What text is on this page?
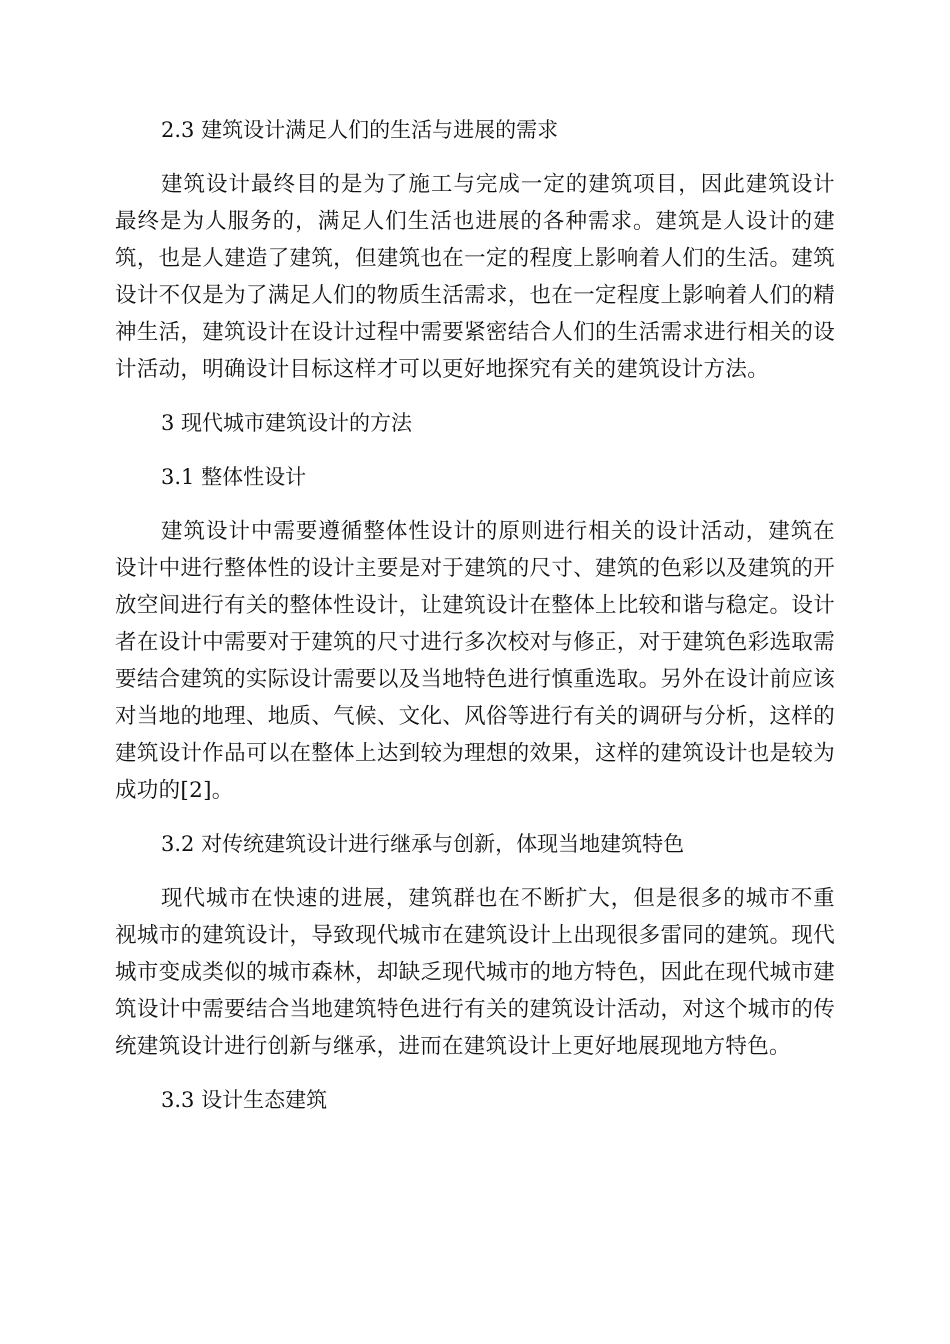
2.3 建筑设计满足人们的生活与进展的需求

建筑设计最终目的是为了施工与完成一定的建筑项目，因此建筑设计最终是为人服务的，满足人们生活也进展的各种需求。建筑是人设计的建筑，也是人建造了建筑，但建筑也在一定的程度上影响着人们的生活。建筑设计不仅是为了满足人们的物质生活需求，也在一定程度上影响着人们的精神生活，建筑设计在设计过程中需要紧密结合人们的生活需求进行相关的设计活动，明确设计目标这样才可以更好地探究有关的建筑设计方法。

3 现代城市建筑设计的方法

3.1 整体性设计

建筑设计中需要遵循整体性设计的原则进行相关的设计活动，建筑在设计中进行整体性的设计主要是对于建筑的尺寸、建筑的色彩以及建筑的开放空间进行有关的整体性设计，让建筑设计在整体上比较和谐与稳定。设计者在设计中需要对于建筑的尺寸进行多次校对与修正，对于建筑色彩选取需要结合建筑的实际设计需要以及当地特色进行慎重选取。另外在设计前应该对当地的地理、地质、气候、文化、风俗等进行有关的调研与分析，这样的建筑设计作品可以在整体上达到较为理想的效果，这样的建筑设计也是较为成功的[2]。

3.2 对传统建筑设计进行继承与创新，体现当地建筑特色

现代城市在快速的进展，建筑群也在不断扩大，但是很多的城市不重视城市的建筑设计，导致现代城市在建筑设计上出现很多雷同的建筑。现代城市变成类似的城市森林，却缺乏现代城市的地方特色，因此在现代城市建筑设计中需要结合当地建筑特色进行有关的建筑设计活动，对这个城市的传统建筑设计进行创新与继承，进而在建筑设计上更好地展现地方特色。

3.3 设计生态建筑
